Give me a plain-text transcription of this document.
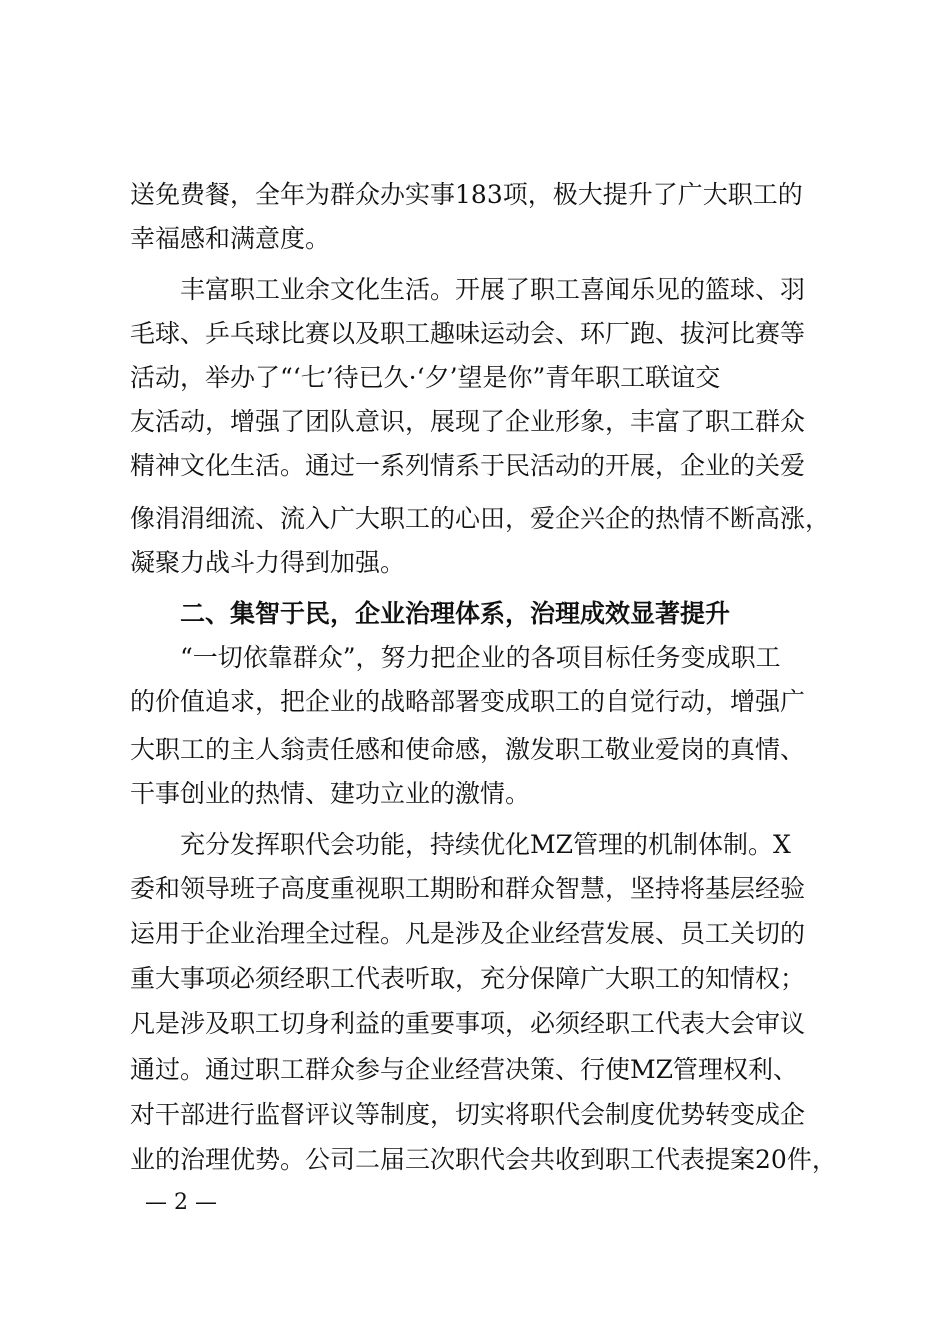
送免费餐，全年为群众办实事183项，极大提升了广大职工的
幸福感和满意度。
丰富职工业余文化生活。开展了职工喜闻乐见的篮球、羽
毛球、乒乓球比赛以及职工趣味运动会、环厂跑、拔河比赛等
活动，举办了“‘七’待已久·‘夕’望是你”青年职工联谊交
友活动，增强了团队意识，展现了企业形象，丰富了职工群众
精神文化生活。通过一系列情系于民活动的开展，企业的关爱
像涓涓细流、流入广大职工的心田，爱企兴企的热情不断高涨，
凝聚力战斗力得到加强。
二、集智于民，企业治理体系，治理成效显著提升
“一切依靠群众”，努力把企业的各项目标任务变成职工
的价值追求，把企业的战略部署变成职工的自觉行动，增强广
大职工的主人翁责任感和使命感，激发职工敬业爱岗的真情、
干事创业的热情、建功立业的激情。
充分发挥职代会功能，持续优化MZ管理的机制体制。X
委和领导班子高度重视职工期盼和群众智慧，坚持将基层经验
运用于企业治理全过程。凡是涉及企业经营发展、员工关切的
重大事项必须经职工代表听取，充分保障广大职工的知情权；
凡是涉及职工切身利益的重要事项，必须经职工代表大会审议
通过。通过职工群众参与企业经营决策、行使MZ管理权利、
对干部进行监督评议等制度，切实将职代会制度优势转变成企
业的治理优势。公司二届三次职代会共收到职工代表提案20件，
— 2 —
